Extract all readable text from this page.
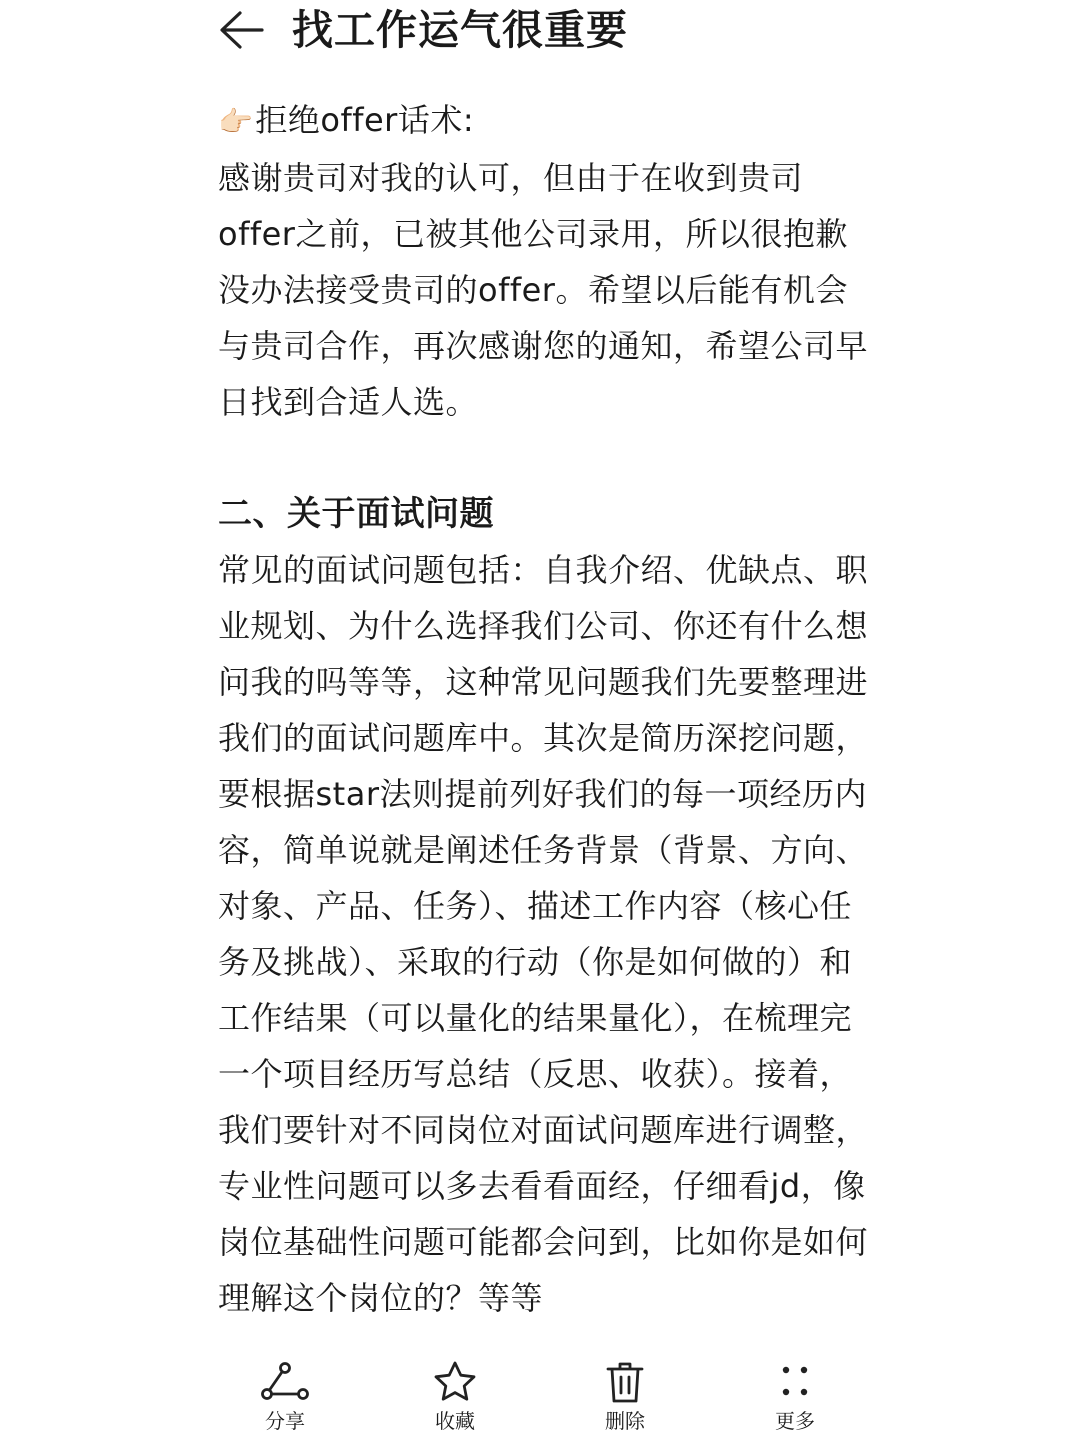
找工作运气很重要

👉🏻拒绝offer话术:

感谢贵司对我的认可，但由于在收到贵司offer之前，已被其他公司录用，所以很抱歉没办法接受贵司的offer。希望以后能有机会与贵司合作，再次感谢您的通知，希望公司早日找到合适人选。

二、关于面试问题

常见的面试问题包括：自我介绍、优缺点、职业规划、为什么选择我们公司、你还有什么想问我的吗等等，这种常见问题我们先要整理进我们的面试问题库中。其次是简历深挖问题，要根据star法则提前列好我们的每一项经历内容，简单说就是阐述任务背景（背景、方向、对象、产品、任务）、描述工作内容（核心任务及挑战）、采取的行动（你是如何做的）和工作结果（可以量化的结果量化），在梳理完一个项目经历写总结（反思、收获）。接着，我们要针对不同岗位对面试问题库进行调整，专业性问题可以多去看看面经，仔细看jd，像岗位基础性问题可能都会问到，比如你是如何理解这个岗位的？等等

分享	收藏	删除	更多
